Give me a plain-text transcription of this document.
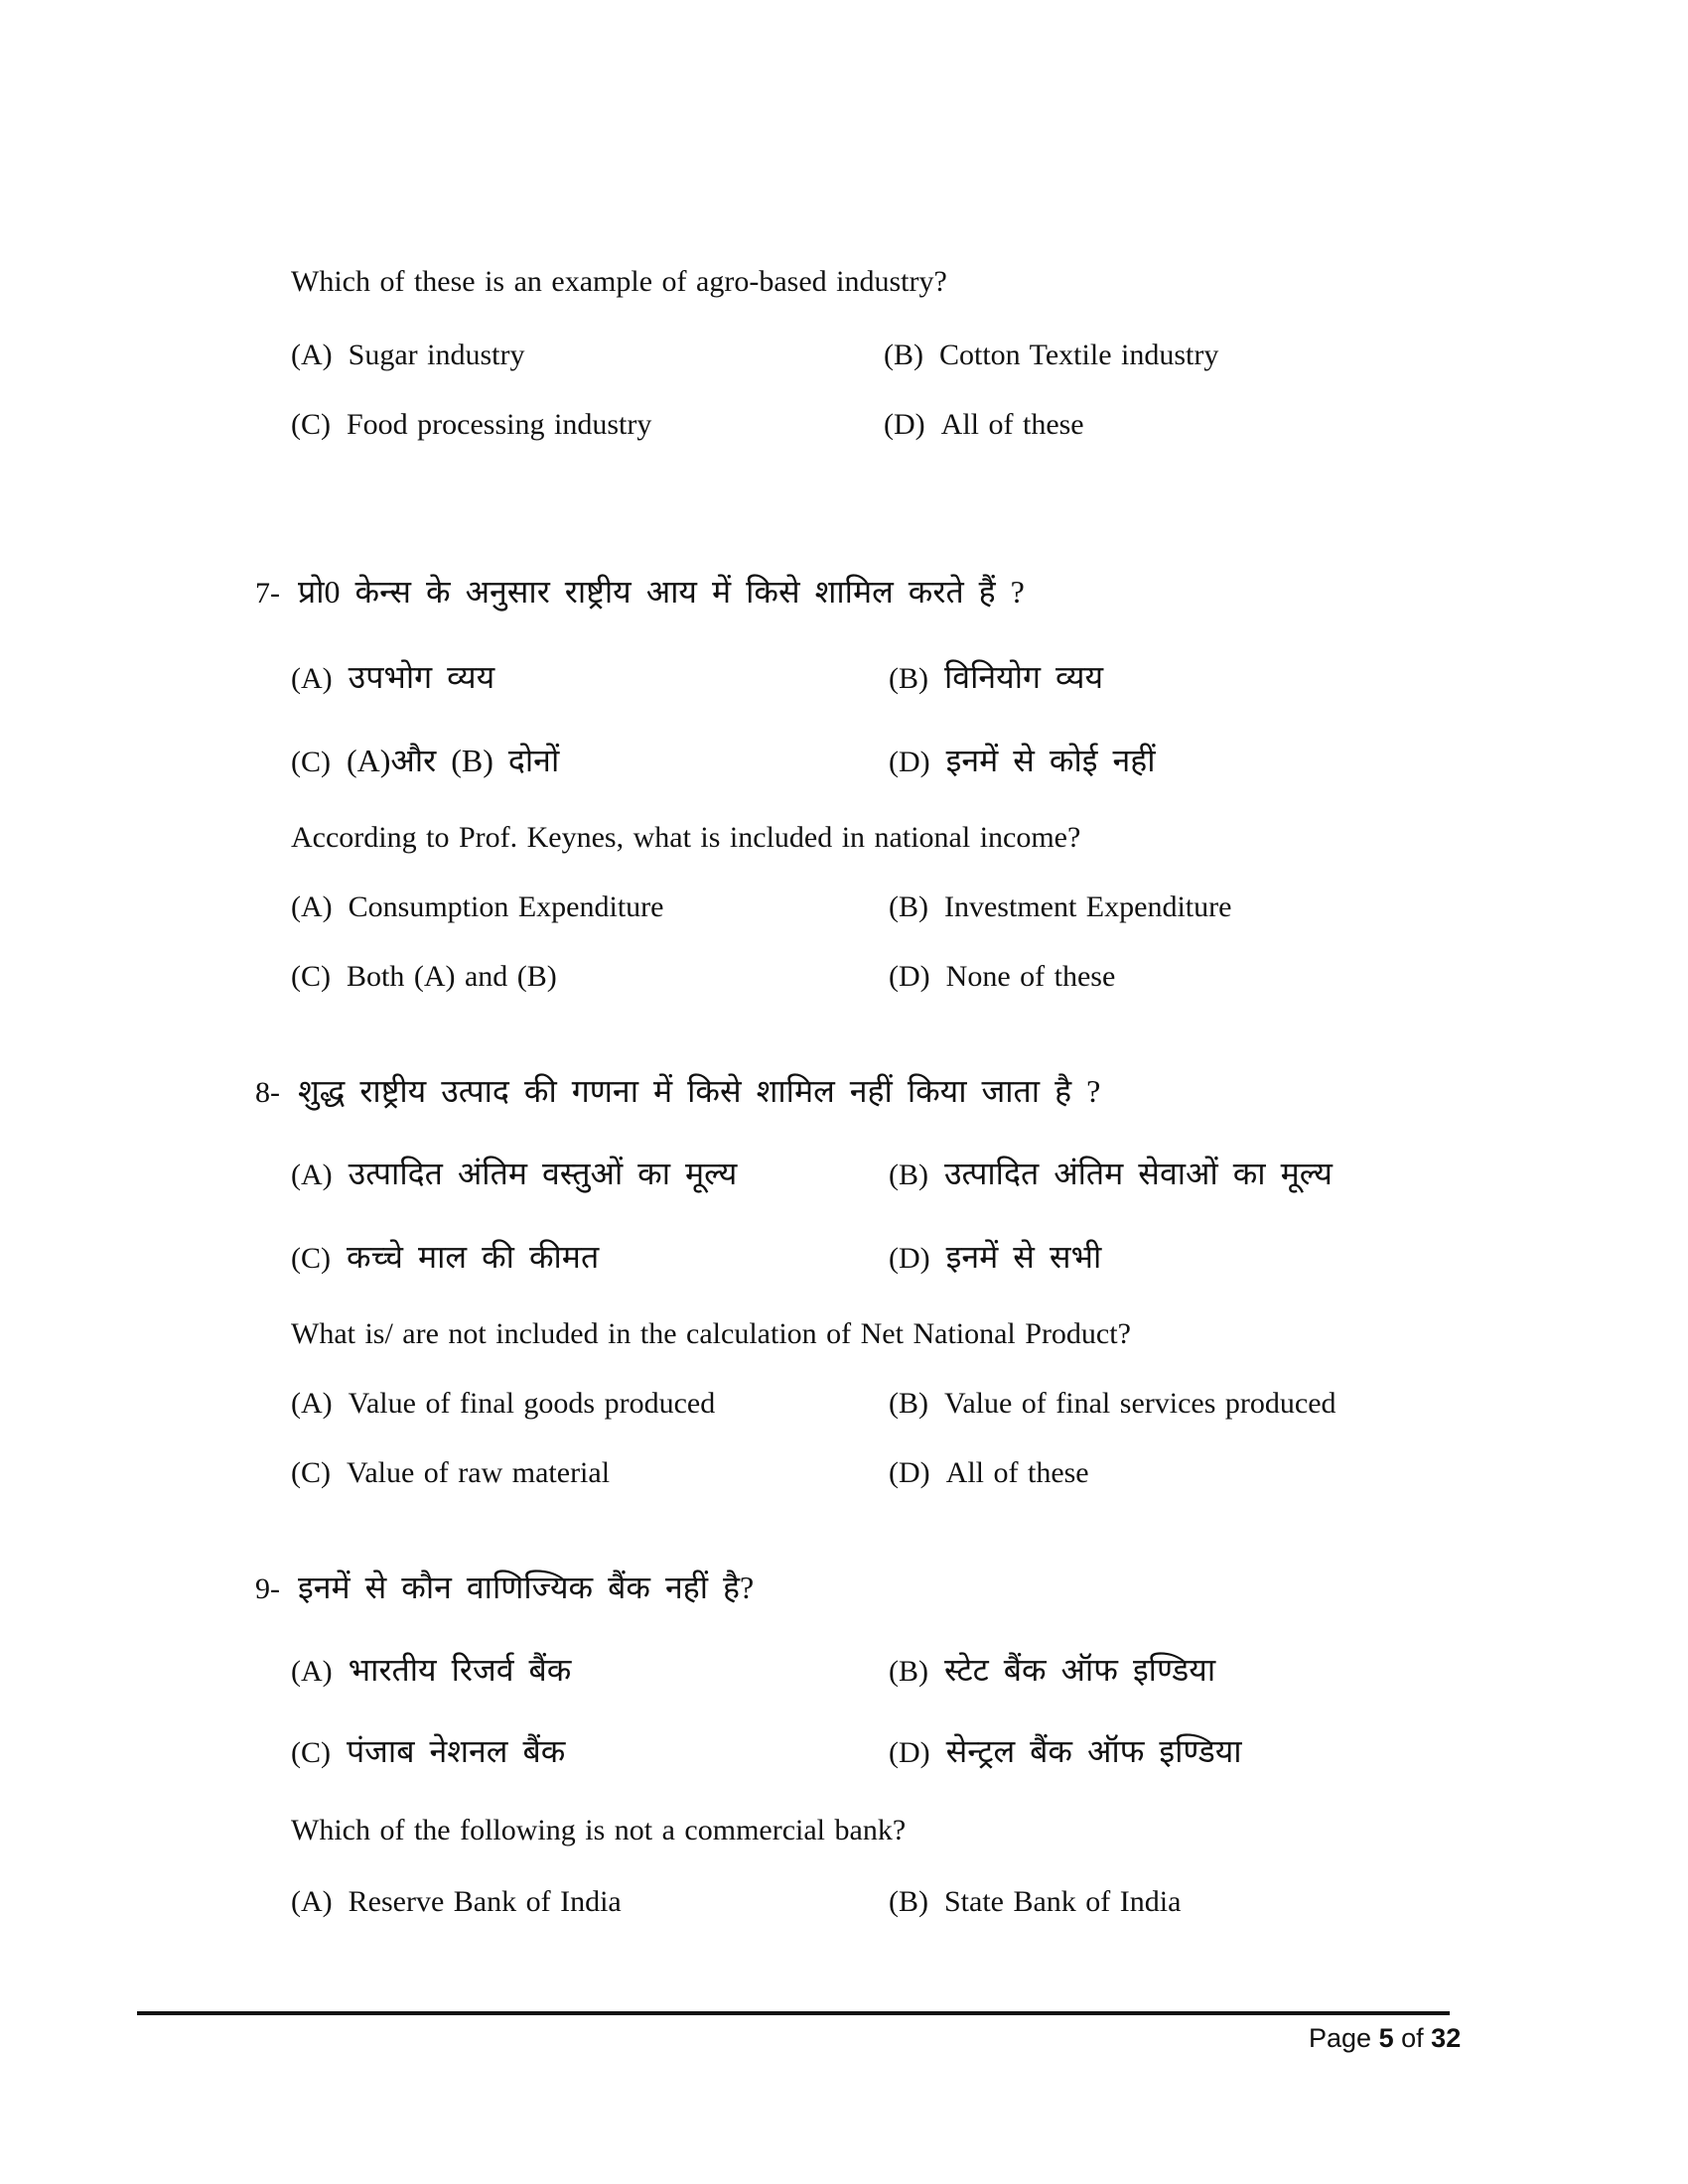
Which of these is an example of agro-based industry?
(A) Sugar industry	(B) Cotton Textile industry
(C) Food processing industry	(D) All of these
7- प्रो0 केन्स के अनुसार राष्ट्रीय आय में किसे शामिल करते हैं ?
(A) उपभोग व्यय	(B) विनियोग व्यय
(C) (A)और (B) दोनों	(D) इनमें से कोई नहीं
According to Prof. Keynes, what is included in national income?
(A) Consumption Expenditure	(B) Investment Expenditure
(C) Both (A) and (B)	(D) None of these
8- शुद्ध राष्ट्रीय उत्पाद की गणना में किसे शामिल नहीं किया जाता है ?
(A) उत्पादित अंतिम वस्तुओं का मूल्य	(B) उत्पादित अंतिम सेवाओं का मूल्य
(C) कच्चे माल की कीमत	(D) इनमें से सभी
What is/ are not included in the calculation of Net National Product?
(A) Value of final goods produced	(B) Value of final services produced
(C) Value of raw material	(D) All of these
9- इनमें से कौन वाणिज्यिक बैंक नहीं है?
(A) भारतीय रिजर्व बैंक	(B) स्टेट बैंक ऑफ इण्डिया
(C) पंजाब नेशनल बैंक	(D) सेन्ट्रल बैंक ऑफ इण्डिया
Which of the following is not a commercial bank?
(A) Reserve Bank of India	(B) State Bank of India
Page 5 of 32
